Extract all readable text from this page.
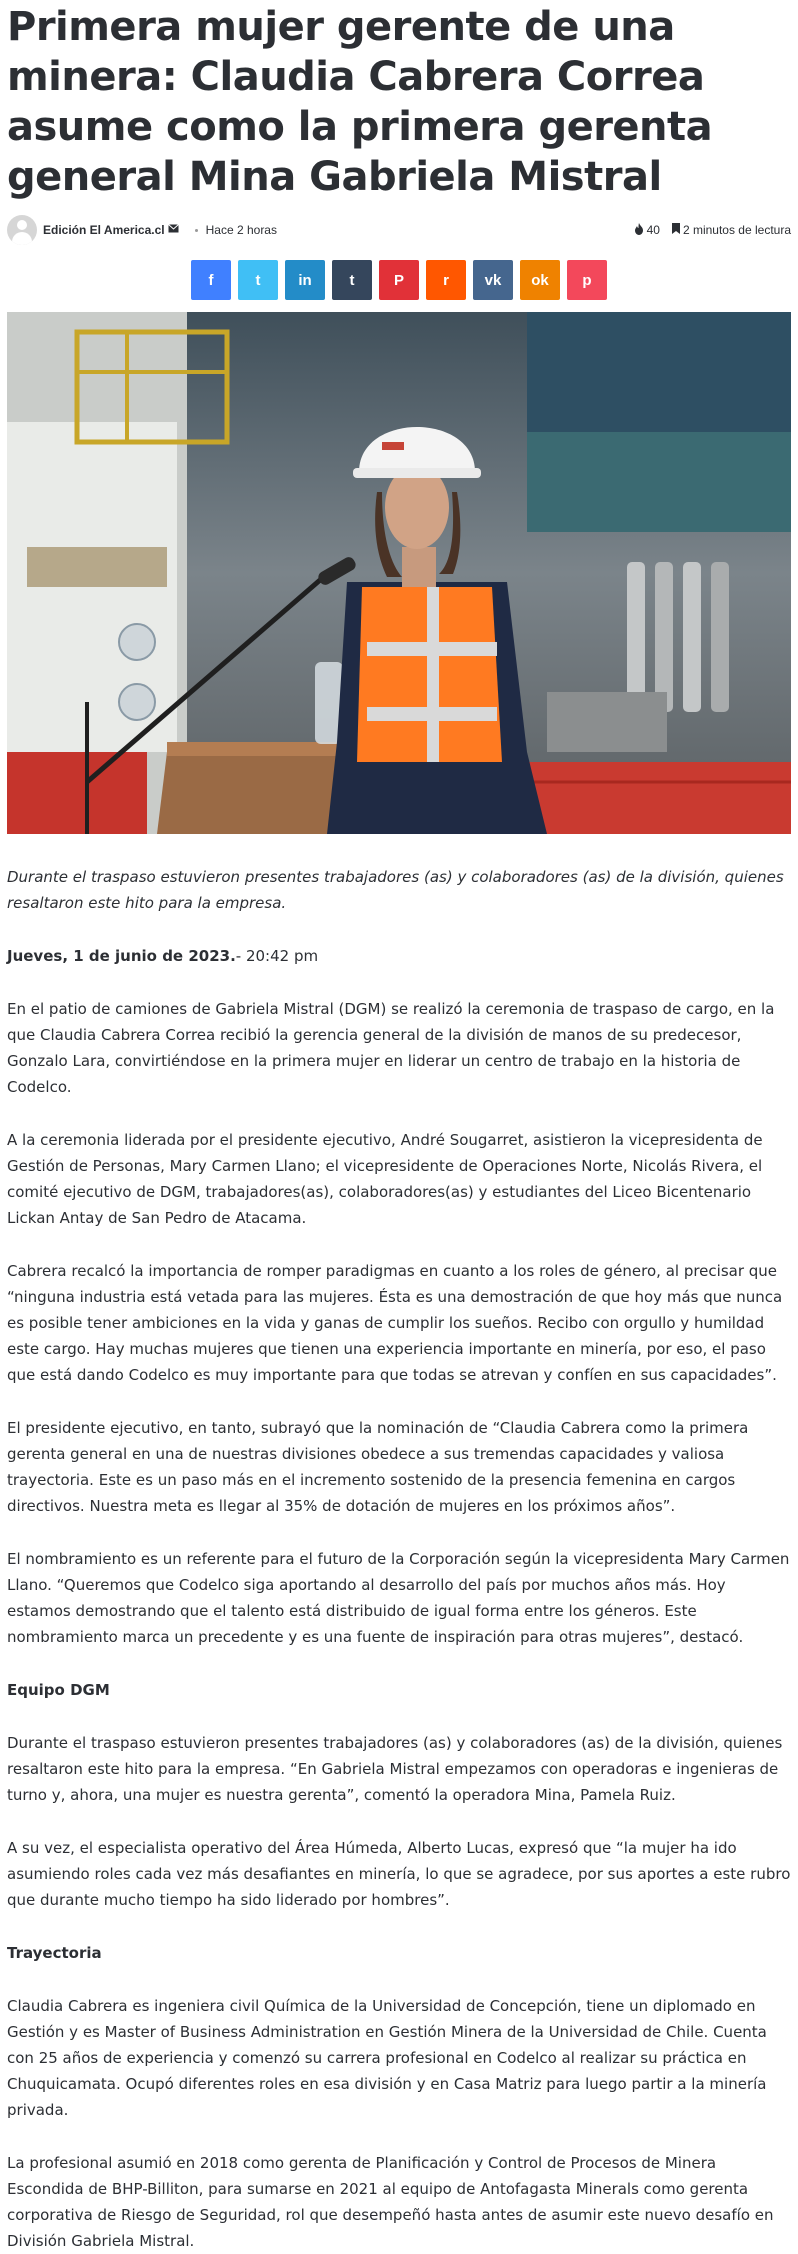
Primera mujer gerente de una minera: Claudia Cabrera Correa asume como la primera gerenta general Mina Gabriela Mistral
Edición El America.cl	Hace 2 horas	40 2 minutos de lectura
f	t	in	t	P	r vk ok p

Durante el traspaso estuvieron presentes trabajadores (as) y colaboradores (as) de la división, quienes resaltaron este hito para la empresa.

Jueves, 1 de junio de 2023.- 20:42 pm

En el patio de camiones de Gabriela Mistral (DGM) se realizó la ceremonia de traspaso de cargo, en la que Claudia Cabrera Correa recibió la gerencia general de la división de manos de su predecesor, Gonzalo Lara, convirtiéndose en la primera mujer en liderar un centro de trabajo en la historia de Codelco.

A la ceremonia liderada por el presidente ejecutivo, André Sougarret, asistieron la vicepresidenta de Gestión de Personas, Mary Carmen Llano; el vicepresidente de Operaciones Norte, Nicolás Rivera, el comité ejecutivo de DGM, trabajadores(as), colaboradores(as) y estudiantes del Liceo Bicentenario Lickan Antay de San Pedro de Atacama.

Cabrera recalcó la importancia de romper paradigmas en cuanto a los roles de género, al precisar que “ninguna industria está vetada para las mujeres. Ésta es una demostración de que hoy más que nunca es posible tener ambiciones en la vida y ganas de cumplir los sueños. Recibo con orgullo y humildad este cargo. Hay muchas mujeres que tienen una experiencia importante en minería, por eso, el paso que está dando Codelco es muy importante para que todas se atrevan y confíen en sus capacidades”.

El presidente ejecutivo, en tanto, subrayó que la nominación de “Claudia Cabrera como la primera gerenta general en una de nuestras divisiones obedece a sus tremendas capacidades y valiosa trayectoria. Este es un paso más en el incremento sostenido de la presencia femenina en cargos directivos. Nuestra meta es llegar al 35% de dotación de mujeres en los próximos años”.

El nombramiento es un referente para el futuro de la Corporación según la vicepresidenta Mary Carmen Llano. “Queremos que Codelco siga aportando al desarrollo del país por muchos años más. Hoy estamos demostrando que el talento está distribuido de igual forma entre los géneros. Este nombramiento marca un precedente y es una fuente de inspiración para otras mujeres”, destacó.

Equipo DGM

Durante el traspaso estuvieron presentes trabajadores (as) y colaboradores (as) de la división, quienes resaltaron este hito para la empresa. “En Gabriela Mistral empezamos con operadoras e ingenieras de turno y, ahora, una mujer es nuestra gerenta”, comentó la operadora Mina, Pamela Ruiz.

A su vez, el especialista operativo del Área Húmeda, Alberto Lucas, expresó que “la mujer ha ido asumiendo roles cada vez más desafiantes en minería, lo que se agradece, por sus aportes a este rubro que durante mucho tiempo ha sido liderado por hombres”.

Trayectoria

Claudia Cabrera es ingeniera civil Química de la Universidad de Concepción, tiene un diplomado en Gestión y es Master of Business Administration en Gestión Minera de la Universidad de Chile. Cuenta con 25 años de experiencia y comenzó su carrera profesional en Codelco al realizar su práctica en Chuquicamata. Ocupó diferentes roles en esa división y en Casa Matriz para luego partir a la minería privada.

La profesional asumió en 2018 como gerenta de Planificación y Control de Procesos de Minera Escondida de BHP-Billiton, para sumarse en 2021 al equipo de Antofagasta Minerals como gerenta corporativa de Riesgo de Seguridad, rol que desempeñó hasta antes de asumir este nuevo desafío en División Gabriela Mistral.
